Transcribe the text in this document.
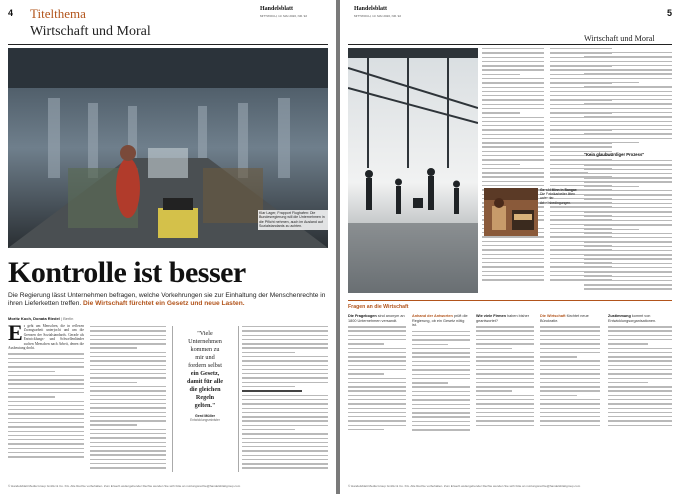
4 Titelthema
Wirtschaft und Moral
Handelsblatt
MITTWOCH, 13. MAI 2020, NR. 92
Klar Lager, Frapport Flughafen: Die Bundesregierung will die Unternehmen in die Pflicht nehmen, auch im Ausland auf Sozialstandards zu achten.
Kontrolle ist besser
Die Regierung lässt Unternehmen befragen, welche Vorkehrungen sie zur Einhaltung der Menschenrechte in ihren Lieferketten treffen. Die Wirtschaft fürchtet ein Gesetz und neue Lasten.
Moritz Koch, Donata Riedel | Berlin
E s geht um Menschen, die in reflexen Zwangsarbeit unterjocht und um die Grenzen der Sozialstandards. Gerade als Entwicklungs- und Schwellenländer suchen Menschen nach Arbeit, denen die Ausbeutung droht.
"Viele
Unternehmen
kommen zu
mir und
fordern selbst
ein Gesetz,
damit für alle
die gleichen
Regeln
gelten."
Gerd Müller
Entwicklungsminister
© Handelsblatt Media Group GmbH & Co. KG. Alle Rechte vorbehalten. Zum Erwerb weitergehender Rechte wenden Sie sich bitte an nutzungsrechte@handelsblattgroup.com
Handelsblatt
MITTWOCH, 13. MAI 2020, NR. 92	5
Wirtschaft und Moral
"Kein glaubwürdiger Prozess"
Gerald Minn in Bangar: Die Fabrikarbeiter litten unter der Arbeitsbedingungen.
Fragen an die Wirtschaft
Die Fragebogen sind anonym an 1800 Unternehmen versandt.
Anhand der Antworten prüft die Regierung, ob ein Gesetz nötig ist.
Wie viele Firmen haben bisher geantwortet?
Die Wirtschaft fürchtet neue Bürokratie.
Zustimmung kommt von Entwicklungsorganisationen.
© Handelsblatt Media Group GmbH & Co. KG. Alle Rechte vorbehalten. Zum Erwerb weitergehender Rechte wenden Sie sich bitte an nutzungsrechte@handelsblattgroup.com
